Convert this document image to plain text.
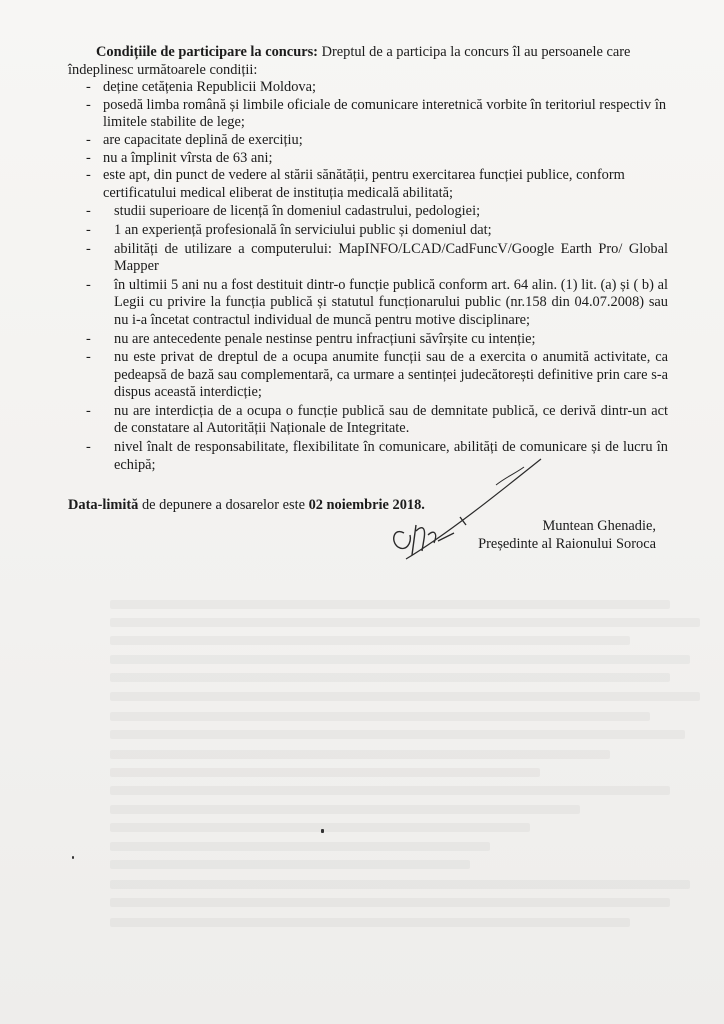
Condițiile de participare la concurs: Dreptul de a participa la concurs îl au persoanele care îndeplinesc următoarele condiții:

- deține cetățenia Republicii Moldova;
- posedă limba română și limbile oficiale de comunicare interetnică vorbite în teritoriul respectiv în limitele stabilite de lege;
- are capacitate deplină de exercițiu;
- nu a împlinit vîrsta de 63 ani;
- este apt, din punct de vedere al stării sănătății, pentru exercitarea funcției publice, conform certificatului medical eliberat de instituția medicală abilitată;
-	studii superioare de licență în domeniul cadastrului, pedologiei;
-	1 an experiență profesională în serviciului public și domeniul dat;
-	abilități de utilizare a computerului: MapINFO/LCAD/CadFuncV/Google Earth Pro/ Global Mapper
-	în ultimii 5 ani nu a fost destituit dintr-o funcție publică conform art. 64 alin. (1) lit. (a) și ( b) al Legii cu privire la funcția publică și statutul funcționarului public (nr.158 din 04.07.2008) sau nu i-a încetat contractul individual de muncă pentru motive disciplinare;
-	nu are antecedente penale nestinse pentru infracțiuni săvîrșite cu intenție;
-	nu este privat de dreptul de a ocupa anumite funcții sau de a exercita o anumită activitate, ca pedeapsă de bază sau complementară, ca urmare a sentinței judecătorești definitive prin care s-a dispus această interdicție;
-	nu are interdicția de a ocupa o funcție publică sau de demnitate publică, ce derivă dintr-un act de constatare al Autorității Naționale de Integritate.
-	nivel înalt de responsabilitate, flexibilitate în comunicare, abilități de comunicare și de lucru în echipă;

Data-limită de depunere a dosarelor este 02 noiembrie 2018.

Muntean Ghenadie,
Președinte al Raionului Soroca
